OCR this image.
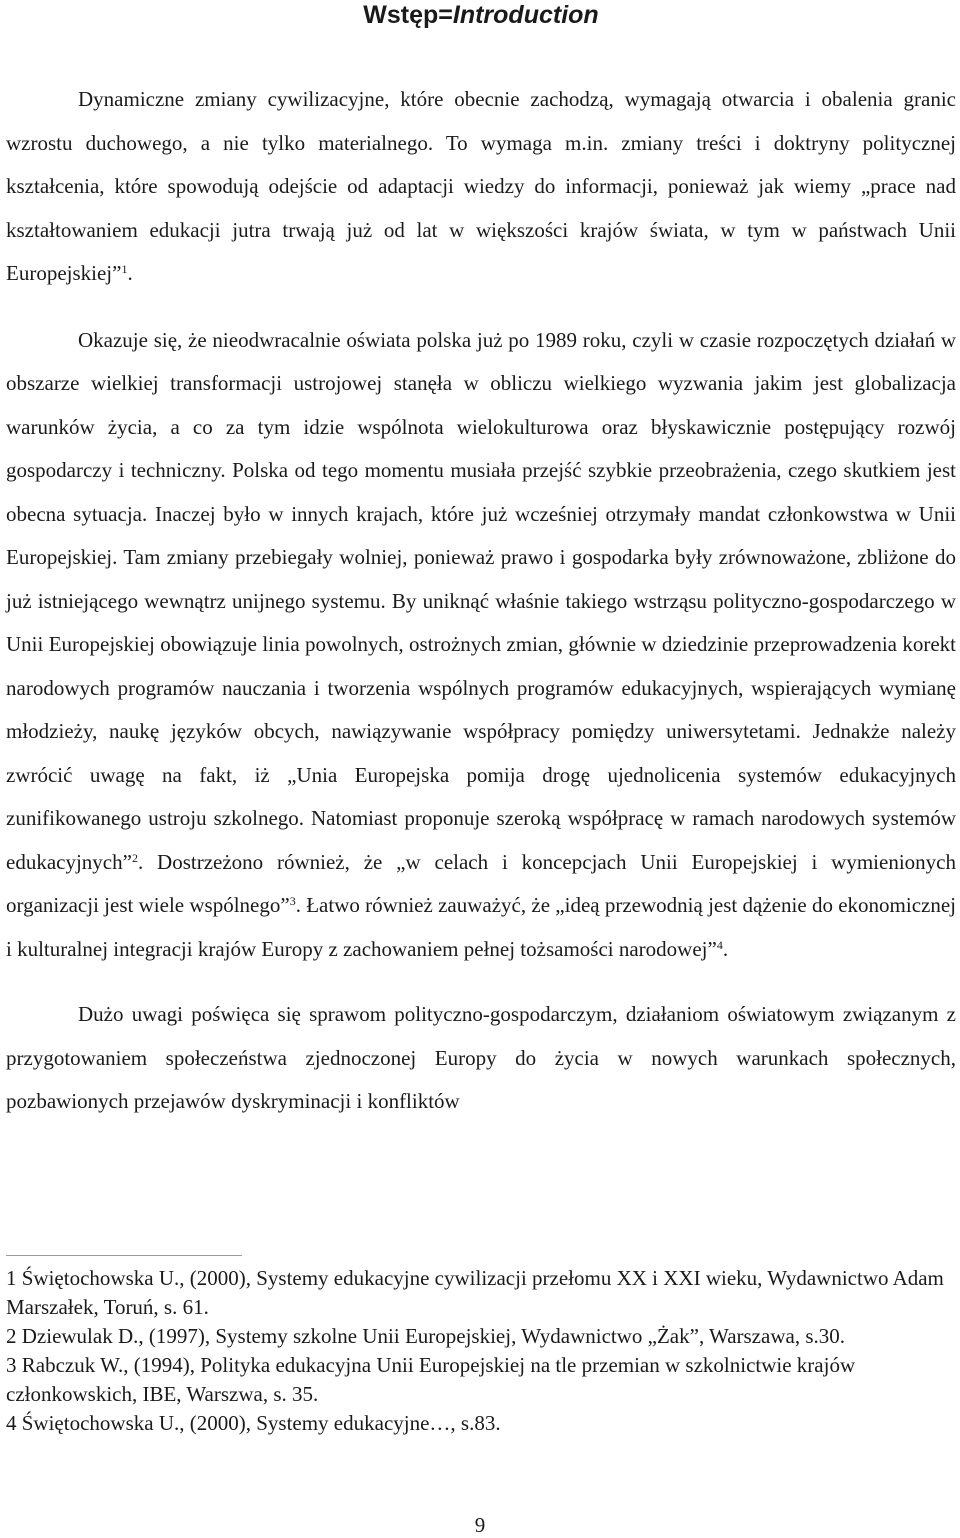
Wstęp=Introduction

Dynamiczne zmiany cywilizacyjne, które obecnie zachodzą, wymagają otwarcia i obalenia granic wzrostu duchowego, a nie tylko materialnego. To wymaga m.in. zmiany treści i doktryny politycznej kształcenia, które spowodują odejście od adaptacji wiedzy do informacji, ponieważ jak wiemy „prace nad kształtowaniem edukacji jutra trwają już od lat w większości krajów świata, w tym w państwach Unii Europejskiej”$^1$.

Okazuje się, że nieodwracalnie oświata polska już po 1989 roku, czyli w czasie rozpoczętych działań w obszarze wielkiej transformacji ustrojowej stanęła w obliczu wielkiego wyzwania jakim jest globalizacja warunków życia, a co za tym idzie wspólnota wielokulturowa oraz błyskawicznie postępujący rozwój gospodarczy i techniczny. Polska od tego momentu musiała przejść szybkie przeobrażenia, czego skutkiem jest obecna sytuacja. Inaczej było w innych krajach, które już wcześniej otrzymały mandat członkowstwa w Unii Europejskiej. Tam zmiany przebiegały wolniej, ponieważ prawo i gospodarka były zrównoważone, zbliżone do już istniejącego wewnątrz unijnego systemu. By uniknąć właśnie takiego wstrząsu polityczno-gospodarczego w Unii Europejskiej obowiązuje linia powolnych, ostrożnych zmian, głównie w dziedzinie przeprowadzenia korekt narodowych programów nauczania i tworzenia wspólnych programów edukacyjnych, wspierających wymianę młodzieży, naukę języków obcych, nawiązywanie współpracy pomiędzy uniwersytetami. Jednakże należy zwrócić uwagę na fakt, iż „Unia Europejska pomija drogę ujednolicenia systemów edukacyjnych zunifikowanego ustroju szkolnego. Natomiast proponuje szeroką współpracę w ramach narodowych systemów edukacyjnych”$^2$. Dostrzeżono również, że „w celach i koncepcjach Unii Europejskiej i wymienionych organizacji jest wiele wspólnego”$^3$. Łatwo również zauważyć, że „ideą przewodnią jest dążenie do ekonomicznej i kulturalnej integracji krajów Europy z zachowaniem pełnej tożsamości narodowej”$^4$.

Dużo uwagi poświęca się sprawom polityczno-gospodarczym, działaniom oświatowym związanym z przygotowaniem społeczeństwa zjednoczonej Europy do życia w nowych warunkach społecznych, pozbawionych przejawów dyskryminacji i konfliktów

1 Świętochowska U., (2000), Systemy edukacyjne cywilizacji przełomu XX i XXI wieku, Wydawnictwo Adam Marszałek, Toruń, s. 61.

2 Dziewulak D., (1997), Systemy szkolne Unii Europejskiej, Wydawnictwo „Żak”, Warszawa, s.30.

3 Rabczuk W., (1994), Polityka edukacyjna Unii Europejskiej na tle przemian w szkolnictwie krajów członkowskich, IBE, Warszwa, s. 35.

4 Świętochowska U., (2000), Systemy edukacyjne…, s.83.

9
